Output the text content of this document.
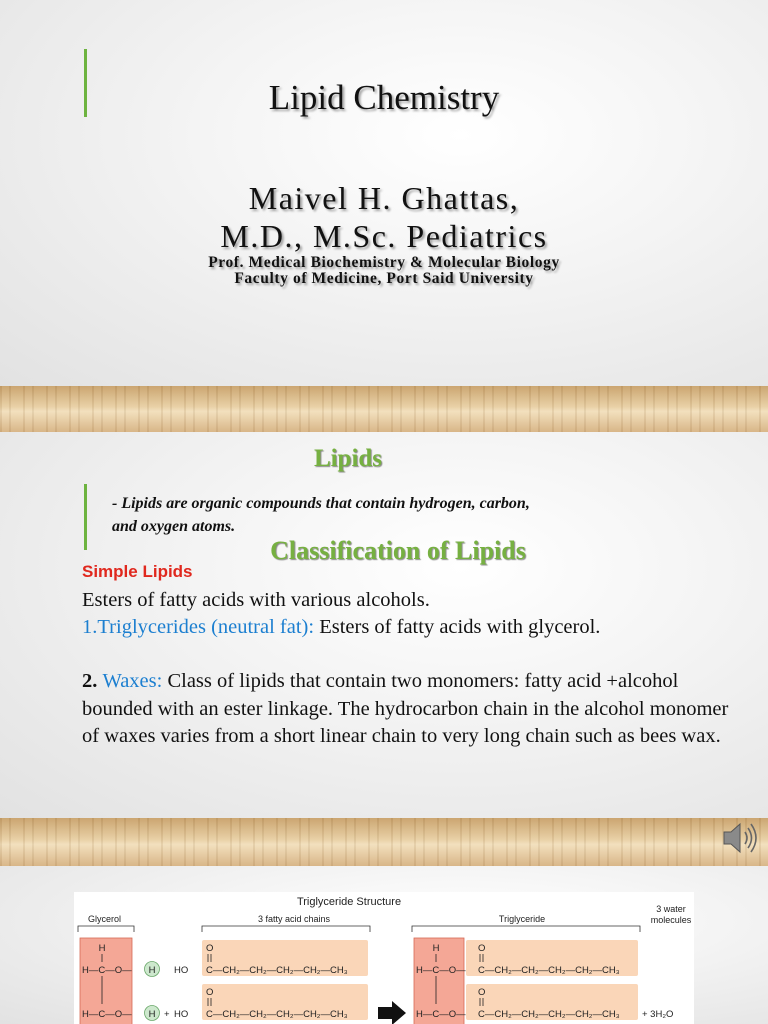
Lipid Chemistry
Maivel H. Ghattas,
M.D., M.Sc. Pediatrics
Prof. Medical Biochemistry & Molecular Biology
Faculty of Medicine, Port Said University
Lipids
- Lipids are organic compounds that contain hydrogen, carbon,
and oxygen atoms.
Classification of Lipids
Simple Lipids
Esters of fatty acids with various alcohols.
1.Triglycerides (neutral fat): Esters of fatty acids with glycerol.
2. Waxes: Class of lipids that contain two monomers: fatty acid +alcohol bounded with an ester linkage. The hydrocarbon chain in the alcohol monomer of waxes varies from a short linear chain to very long chain such as bees wax.
Triglyceride Structure
Glycerol	3 fatty acid chains	Triglyceride
3 water
molecules
H	H
H—C—O— H HO
O
C—CH₂—CH₂—CH₂—CH₂—CH₃
H—C—O— H + HO
O
C—CH₂—CH₂—CH₂—CH₂—CH₃
H—C—O—
O
C—CH₂—CH₂—CH₂—CH₂—CH₃
H—C—O—
O
C—CH₂—CH₂—CH₂—CH₂—CH₃ + 3H₂O
